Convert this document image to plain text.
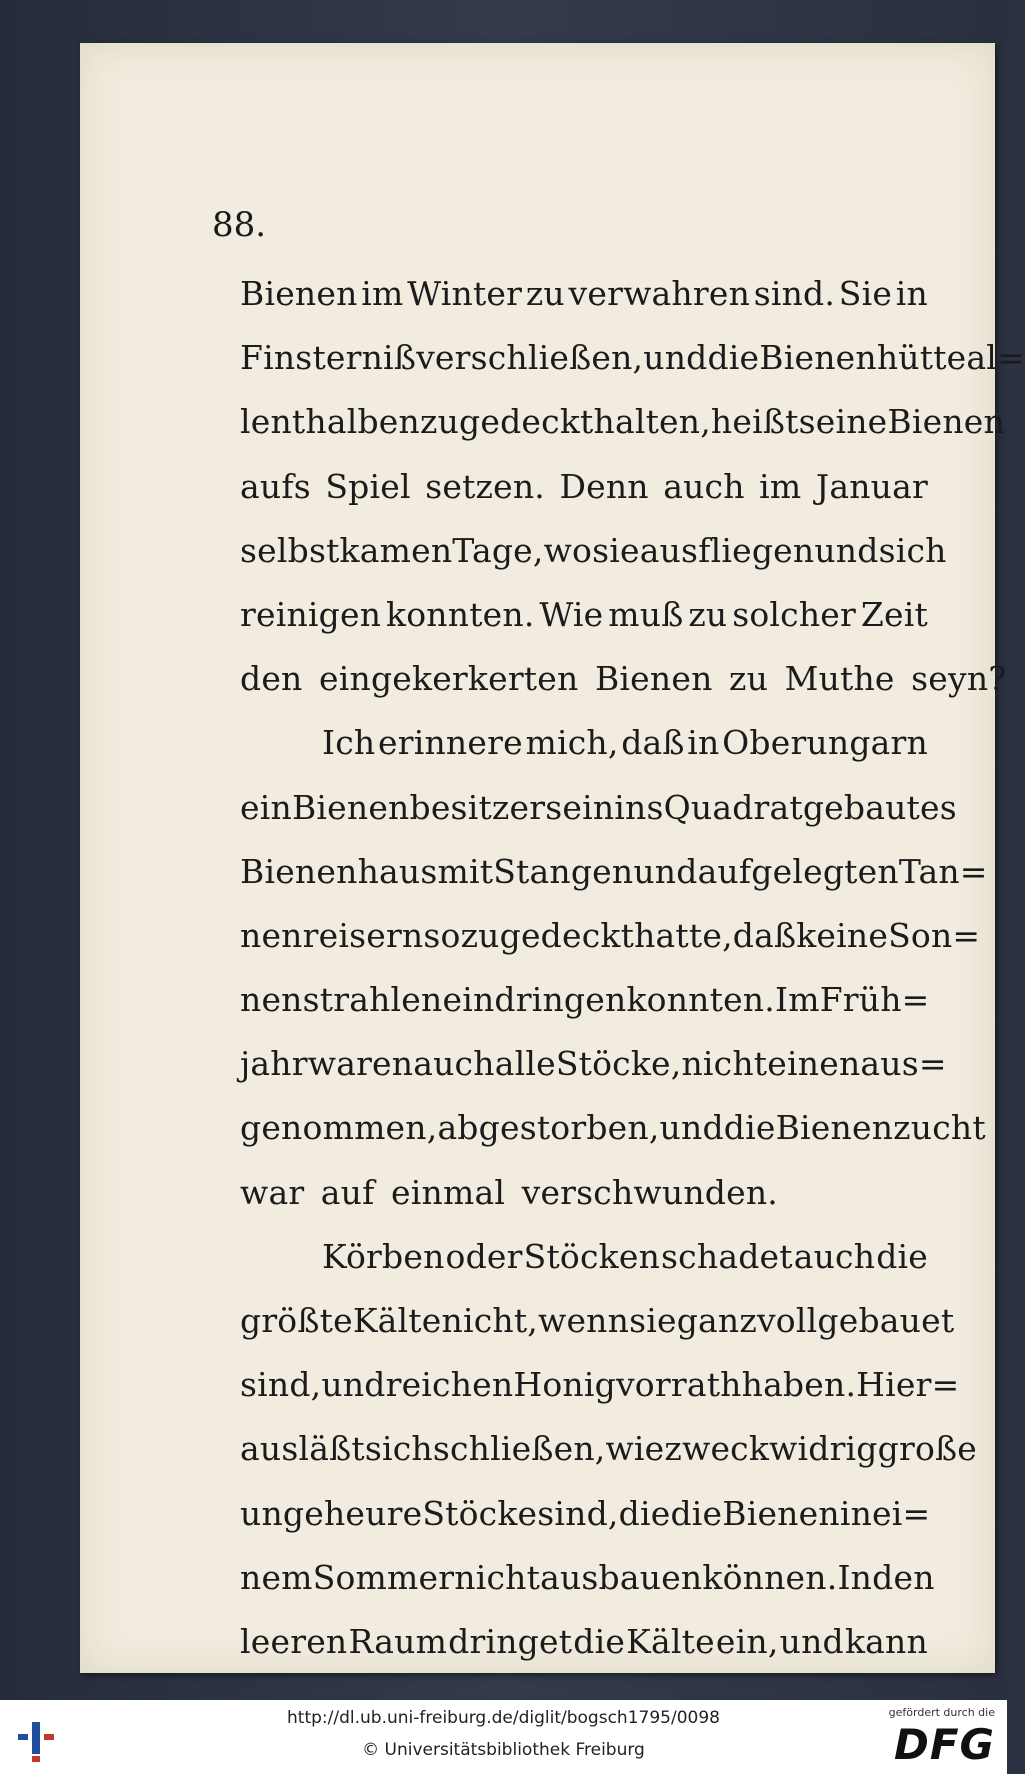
88.
Bienen im Winter zu verwahren sind. Sie in
Finsterniß verschließen, und die Bienenhütte al=
lenthalben zugedeckt halten, heißt seine Bienen
aufs Spiel setzen. Denn auch im Januar
selbst kamen Tage, wo sie ausfliegen und sich
reinigen konnten. Wie muß zu solcher Zeit
den eingekerkerten Bienen zu Muthe seyn?
Ich erinnere mich, daß in Oberungarn
ein Bienenbesitzer sein ins Quadrat gebautes
Bienenhaus mit Stangen und aufgelegten Tan=
nenreisern so zugedeckt hatte, daß keine Son=
nenstrahlen eindringen konnten. Im Früh=
jahr waren auch alle Stöcke, nicht einen aus=
genommen, abgestorben, und die Bienenzucht
war auf einmal verschwunden.
Körben oder Stöcken schadet auch die
größte Kälte nicht, wenn sie ganz voll gebauet
sind, und reichen Honigvorrath haben. Hier=
aus läßt sich schließen, wie zweckwidrig große
ungeheure Stöcke sind, die die Bienen in ei=
nem Sommer nicht ausbauen können. In den
leeren Raum dringet die Kälte ein, und kann
http://dl.ub.uni-freiburg.de/diglit/bogsch1795/0098
© Universitätsbibliothek Freiburg
gefördert durch die
DFG
